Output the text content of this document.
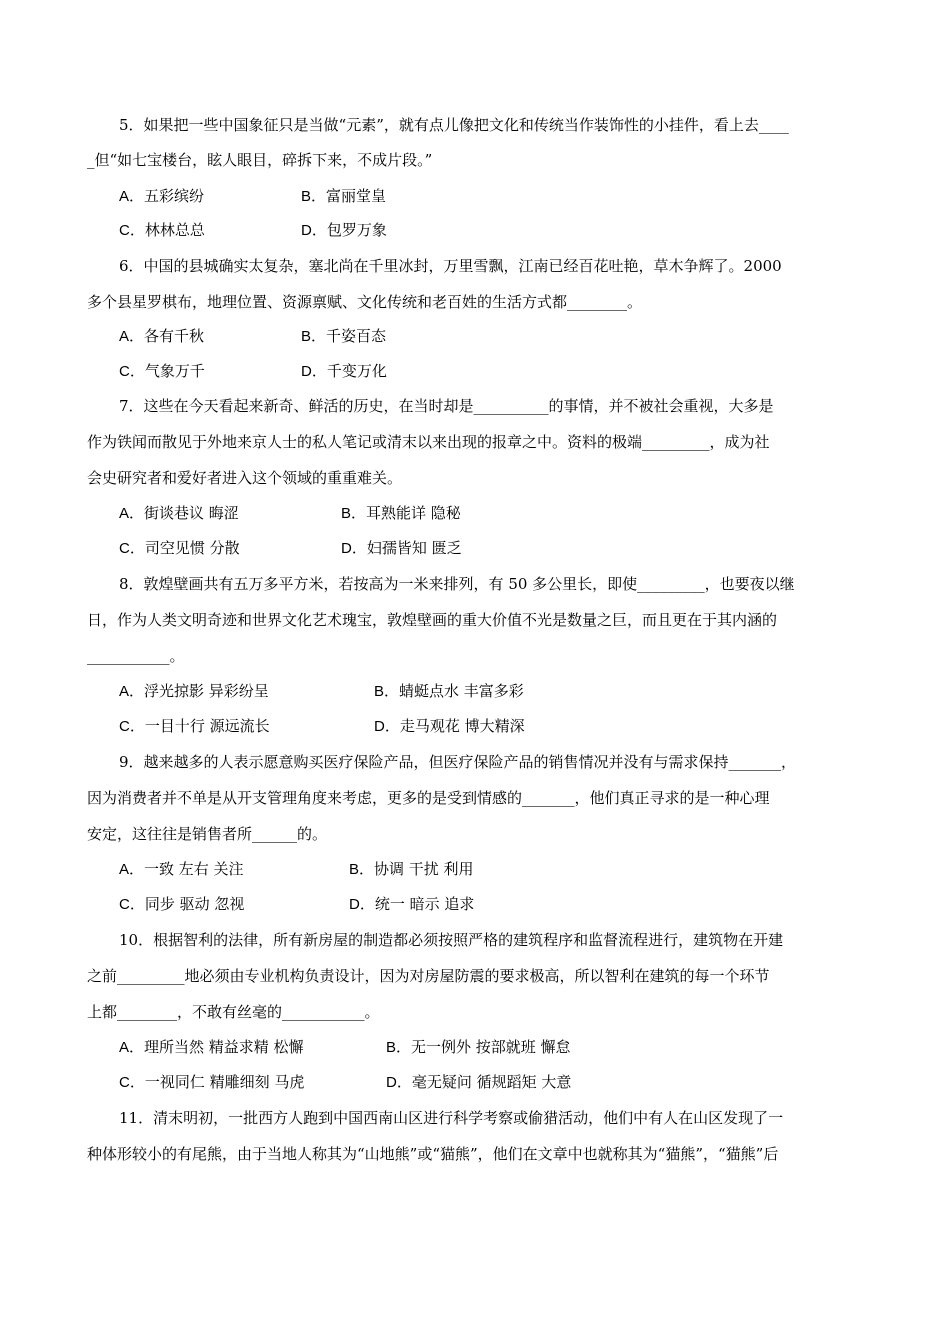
5．如果把一些中国象征只是当做“元素”，就有点儿像把文化和传统当作装饰性的小挂件，看上去____
_但“如七宝楼台，眩人眼目，碎拆下来，不成片段。”
A．五彩缤纷	B．富丽堂皇
C．林林总总	D．包罗万象
6．中国的县城确实太复杂，塞北尚在千里冰封，万里雪飘，江南已经百花吐艳，草木争辉了。2000
多个县星罗棋布，地理位置、资源禀赋、文化传统和老百姓的生活方式都________。
A．各有千秋	B．千姿百态
C．气象万千	D．千变万化
7．这些在今天看起来新奇、鲜活的历史，在当时却是__________的事情，并不被社会重视，大多是
作为铁闻而散见于外地来京人士的私人笔记或清末以来出现的报章之中。资料的极端_________，成为社
会史研究者和爱好者进入这个领域的重重难关。
A．街谈巷议 晦涩	B．耳熟能详 隐秘
C．司空见惯 分散	D．妇孺皆知 匮乏
8．敦煌壁画共有五万多平方米，若按高为一米来排列，有 50 多公里长，即使_________，也要夜以继
日，作为人类文明奇迹和世界文化艺术瑰宝，敦煌壁画的重大价值不光是数量之巨，而且更在于其内涵的
___________。
A．浮光掠影 异彩纷呈	B．蜻蜓点水 丰富多彩
C．一目十行 源远流长	D．走马观花 博大精深
9．越来越多的人表示愿意购买医疗保险产品，但医疗保险产品的销售情况并没有与需求保持_______，
因为消费者并不单是从开支管理角度来考虑，更多的是受到情感的_______，他们真正寻求的是一种心理
安定，这往往是销售者所______的。
A．一致 左右 关注	B．协调 干扰 利用
C．同步 驱动 忽视	D．统一 暗示 追求
10．根据智利的法律，所有新房屋的制造都必须按照严格的建筑程序和监督流程进行，建筑物在开建
之前_________地必须由专业机构负责设计，因为对房屋防震的要求极高，所以智利在建筑的每一个环节
上都________，不敢有丝毫的___________。
A．理所当然 精益求精 松懈	B．无一例外 按部就班 懈怠
C．一视同仁 精雕细刻 马虎	D．毫无疑问 循规蹈矩 大意
11．清末明初，一批西方人跑到中国西南山区进行科学考察或偷猎活动，他们中有人在山区发现了一
种体形较小的有尾熊，由于当地人称其为“山地熊”或“猫熊”，他们在文章中也就称其为“猫熊”，“猫熊”后
